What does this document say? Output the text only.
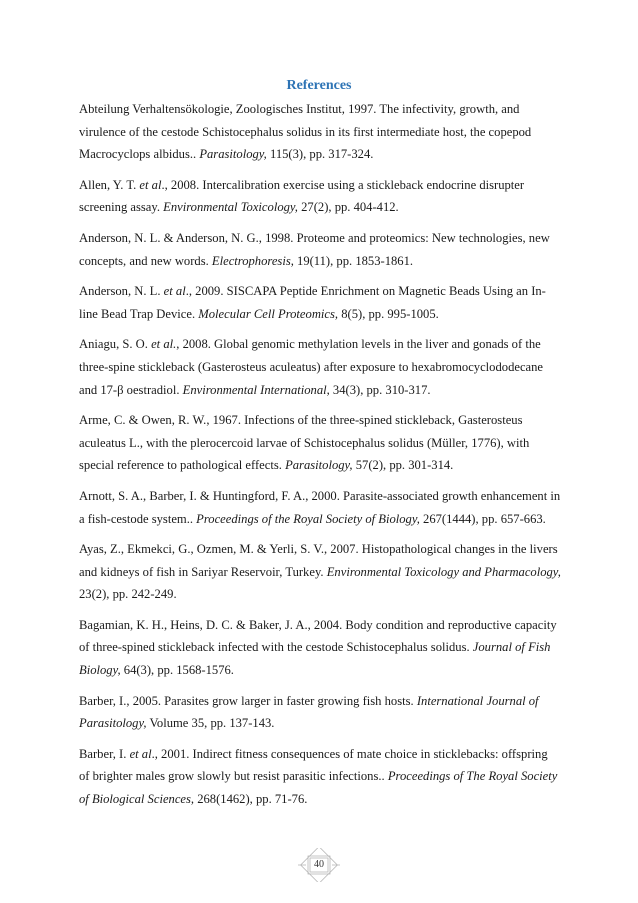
References
Abteilung Verhaltensökologie, Zoologisches Institut, 1997. The infectivity, growth, and virulence of the cestode Schistocephalus solidus in its first intermediate host, the copepod Macrocyclops albidus.. Parasitology, 115(3), pp. 317-324.
Allen, Y. T. et al., 2008. Intercalibration exercise using a stickleback endocrine disrupter screening assay. Environmental Toxicology, 27(2), pp. 404-412.
Anderson, N. L. & Anderson, N. G., 1998. Proteome and proteomics: New technologies, new concepts, and new words. Electrophoresis, 19(11), pp. 1853-1861.
Anderson, N. L. et al., 2009. SISCAPA Peptide Enrichment on Magnetic Beads Using an In-line Bead Trap Device. Molecular Cell Proteomics, 8(5), pp. 995-1005.
Aniagu, S. O. et al., 2008. Global genomic methylation levels in the liver and gonads of the three-spine stickleback (Gasterosteus aculeatus) after exposure to hexabromocyclododecane and 17-β oestradiol. Environmental International, 34(3), pp. 310-317.
Arme, C. & Owen, R. W., 1967. Infections of the three-spined stickleback, Gasterosteus aculeatus L., with the plerocercoid larvae of Schistocephalus solidus (Müller, 1776), with special reference to pathological effects. Parasitology, 57(2), pp. 301-314.
Arnott, S. A., Barber, I. & Huntingford, F. A., 2000. Parasite-associated growth enhancement in a fish-cestode system.. Proceedings of the Royal Society of Biology, 267(1444), pp. 657-663.
Ayas, Z., Ekmekci, G., Ozmen, M. & Yerli, S. V., 2007. Histopathological changes in the livers and kidneys of fish in Sariyar Reservoir, Turkey. Environmental Toxicology and Pharmacology, 23(2), pp. 242-249.
Bagamian, K. H., Heins, D. C. & Baker, J. A., 2004. Body condition and reproductive capacity of three-spined stickleback infected with the cestode Schistocephalus solidus. Journal of Fish Biology, 64(3), pp. 1568-1576.
Barber, I., 2005. Parasites grow larger in faster growing fish hosts. International Journal of Parasitology, Volume 35, pp. 137-143.
Barber, I. et al., 2001. Indirect fitness consequences of mate choice in sticklebacks: offspring of brighter males grow slowly but resist parasitic infections.. Proceedings of The Royal Society of Biological Sciences, 268(1462), pp. 71-76.
40
